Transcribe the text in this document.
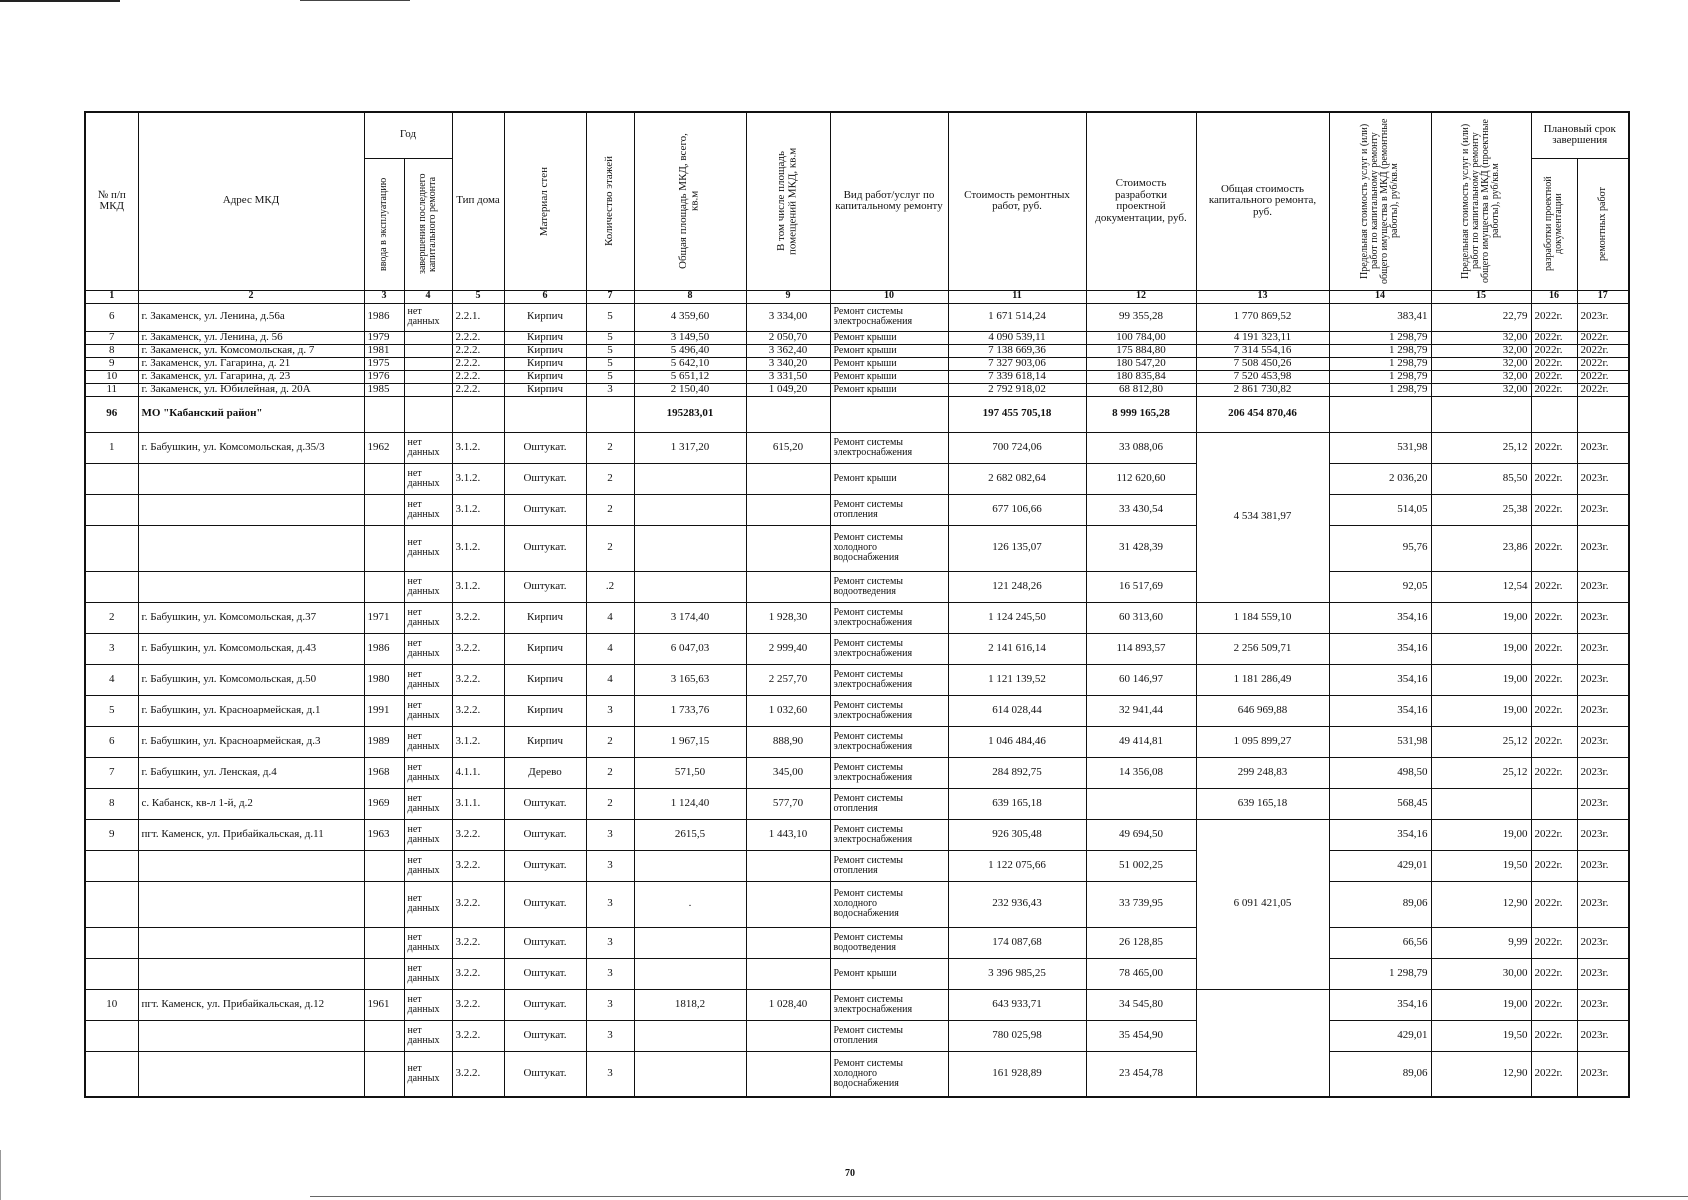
№ п/п МКД	Адрес МКД	Год		Тип дома	Материал стен	Количество этажей	Общая площадь МКД, всего, кв.м	В том числе площадь помещений МКД, кв.м	Вид работ/услуг по капитальному ремонту	Стоимость ремонтных работ, руб.	Стоимость разработки проектной документации, руб.	Общая стоимость капитального ремонта, руб.	Предельная стоимость услуг и (или) работ по капитальному ремонту общего имущества в МКД (ремонтные работы), руб/кв.м	Предельная стоимость услуг и (или) работ по капитальному ремонту общего имущества в МКД (проектные работы), руб/кв.м	Плановый срок завершения	

		ввода в эксплуатацию	завершения последнего капитального ремонта												разработки проектной документации	ремонтных работ

1	2	3	4	5	6	7	8	9	10	11	12	13	14	15	16	17
6	г. Закаменск, ул. Ленина, д.56а	1986	нет данных	2.2.1.	Кирпич	5	4 359,60	3 334,00	Ремонт системы электроснабжения	1 671 514,24	99 355,28	1 770 869,52	383,41	22,79	2022г.	2023г.
7	г. Закаменск, ул. Ленина, д. 56	1979		2.2.2.	Кирпич	5	3 149,50	2 050,70	Ремонт крыши	4 090 539,11	100 784,00	4 191 323,11	1 298,79	32,00	2022г.	2022г.
8	г. Закаменск, ул. Комсомольская, д. 7	1981		2.2.2.	Кирпич	5	5 496,40	3 362,40	Ремонт крыши	7 138 669,36	175 884,80	7 314 554,16	1 298,79	32,00	2022г.	2022г.
9	г. Закаменск, ул. Гагарина, д. 21	1975		2.2.2.	Кирпич	5	5 642,10	3 340,20	Ремонт крыши	7 327 903,06	180 547,20	7 508 450,26	1 298,79	32,00	2022г.	2022г.
10	г. Закаменск, ул. Гагарина, д. 23	1976		2.2.2.	Кирпич	5	5 651,12	3 331,50	Ремонт крыши	7 339 618,14	180 835,84	7 520 453,98	1 298,79	32,00	2022г.	2022г.
11	г. Закаменск, ул. Юбилейная, д. 20А	1985		2.2.2.	Кирпич	3	2 150,40	1 049,20	Ремонт крыши	2 792 918,02	68 812,80	2 861 730,82	1 298,79	32,00	2022г.	2022г.
96	МО "Кабанский район"						195283,01			197 455 705,18	8 999 165,28	206 454 870,46				
1	г. Бабушкин, ул. Комсомольская, д.35/3	1962	нет данных	3.1.2.	Оштукат.	2	1 317,20	615,20	Ремонт системы электроснабжения	700 724,06	33 088,06	4 534 381,97	531,98	25,12	2022г.	2023г.
			нет данных	3.1.2.	Оштукат.	2			Ремонт крыши	2 682 082,64	112 620,60		2 036,20	85,50	2022г.	2023г.
			нет данных	3.1.2.	Оштукат.	2			Ремонт системы отопления	677 106,66	33 430,54		514,05	25,38	2022г.	2023г.
			нет данных	3.1.2.	Оштукат.	2			Ремонт системы холодного водоснабжения	126 135,07	31 428,39		95,76	23,86	2022г.	2023г.
			нет данных	3.1.2.	Оштукат.	.2			Ремонт системы водоотведения	121 248,26	16 517,69		92,05	12,54	2022г.	2023г.
2	г. Бабушкин, ул. Комсомольская, д.37	1971	нет данных	3.2.2.	Кирпич	4	3 174,40	1 928,30	Ремонт системы электроснабжения	1 124 245,50	60 313,60	1 184 559,10	354,16	19,00	2022г.	2023г.
3	г. Бабушкин, ул. Комсомольская, д.43	1986	нет данных	3.2.2.	Кирпич	4	6 047,03	2 999,40	Ремонт системы электроснабжения	2 141 616,14	114 893,57	2 256 509,71	354,16	19,00	2022г.	2023г.
4	г. Бабушкин, ул. Комсомольская, д.50	1980	нет данных	3.2.2.	Кирпич	4	3 165,63	2 257,70	Ремонт системы электроснабжения	1 121 139,52	60 146,97	1 181 286,49	354,16	19,00	2022г.	2023г.
5	г. Бабушкин, ул. Красноармейская, д.1	1991	нет данных	3.2.2.	Кирпич	3	1 733,76	1 032,60	Ремонт системы электроснабжения	614 028,44	32 941,44	646 969,88	354,16	19,00	2022г.	2023г.
6	г. Бабушкин, ул. Красноармейская, д.3	1989	нет данных	3.1.2.	Кирпич	2	1 967,15	888,90	Ремонт системы электроснабжения	1 046 484,46	49 414,81	1 095 899,27	531,98	25,12	2022г.	2023г.
7	г. Бабушкин, ул. Ленская, д.4	1968	нет данных	4.1.1.	Дерево	2	571,50	345,00	Ремонт системы электроснабжения	284 892,75	14 356,08	299 248,83	498,50	25,12	2022г.	2023г.
8	с. Кабанск, кв-л 1-й, д.2	1969	нет данных	3.1.1.	Оштукат.	2	1 124,40	577,70	Ремонт системы отопления	639 165,18		639 165,18	568,45			2023г.
9	пгт. Каменск, ул. Прибайкальская, д.11	1963	нет данных	3.2.2.	Оштукат.	3	2615,5	1 443,10	Ремонт системы электроснабжения	926 305,48	49 694,50	6 091 421,05	354,16	19,00	2022г.	2023г.
			нет данных	3.2.2.	Оштукат.	3			Ремонт системы отопления	1 122 075,66	51 002,25		429,01	19,50	2022г.	2023г.
			нет данных	3.2.2.	Оштукат.	3	.		Ремонт системы холодного водоснабжения	232 936,43	33 739,95		89,06	12,90	2022г.	2023г.
			нет данных	3.2.2.	Оштукат.	3			Ремонт системы водоотведения	174 087,68	26 128,85		66,56	9,99	2022г.	2023г.
			нет данных	3.2.2.	Оштукат.	3			Ремонт крыши	3 396 985,25	78 465,00		1 298,79	30,00	2022г.	2023г.
10	пгт. Каменск, ул. Прибайкальская, д.12	1961	нет данных	3.2.2.	Оштукат.	3	1818,2	1 028,40	Ремонт системы электроснабжения	643 933,71	34 545,80		354,16	19,00	2022г.	2023г.
			нет данных	3.2.2.	Оштукат.	3			Ремонт системы отопления	780 025,98	35 454,90		429,01	19,50	2022г.	2023г.
			нет данных	3.2.2.	Оштукат.	3			Ремонт системы холодного водоснабжения	161 928,89	23 454,78		89,06	12,90	2022г.	2023г.
70
